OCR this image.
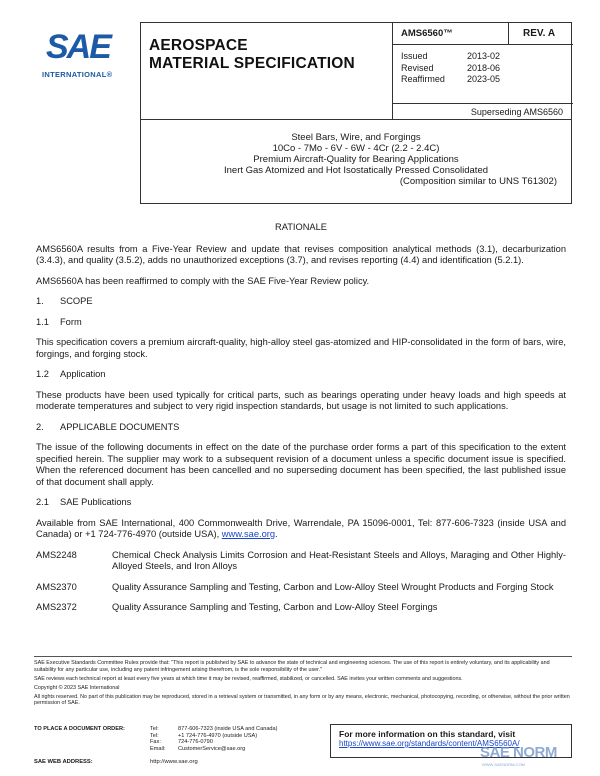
SAE
INTERNATIONAL®
AEROSPACE
MATERIAL SPECIFICATION
AMS6560™	REV. A
Issued	2013-02
Revised	2018-06
Reaffirmed	2023-05
Superseding AMS6560
Steel Bars, Wire, and Forgings
10Co - 7Mo - 6V - 6W - 4Cr (2.2 - 2.4C)
Premium Aircraft-Quality for Bearing Applications
Inert Gas Atomized and Hot Isostatically Pressed Consolidated
(Composition similar to UNS T61302)
RATIONALE

AMS6560A results from a Five-Year Review and update that revises composition analytical methods (3.1), decarburization (3.4.3), and quality (3.5.2), adds no unauthorized exceptions (3.7), and revises reporting (4.4) and identification (5.2.1).

AMS6560A has been reaffirmed to comply with the SAE Five-Year Review policy.

1. SCOPE
1.1 Form

This specification covers a premium aircraft-quality, high-alloy steel gas-atomized and HIP-consolidated in the form of bars, wire, forgings, and forging stock.

1.2 Application

These products have been used typically for critical parts, such as bearings operating under heavy loads and high speeds at moderate temperatures and subject to very rigid inspection standards, but usage is not limited to such applications.

2. APPLICABLE DOCUMENTS

The issue of the following documents in effect on the date of the purchase order forms a part of this specification to the extent specified herein. The supplier may work to a subsequent revision of a document unless a specific document issue is specified. When the referenced document has been cancelled and no superseding document has been specified, the last published issue of that document shall apply.

2.1 SAE Publications

Available from SAE International, 400 Commonwealth Drive, Warrendale, PA 15096-0001, Tel: 877-606-7323 (inside USA and Canada) or +1 724-776-4970 (outside USA), www.sae.org.

AMS2248	Chemical Check Analysis Limits Corrosion and Heat-Resistant Steels and Alloys, Maraging and Other Highly-Alloyed Steels, and Iron Alloys
AMS2370	Quality Assurance Sampling and Testing, Carbon and Low-Alloy Steel Wrought Products and Forging Stock
AMS2372	Quality Assurance Sampling and Testing, Carbon and Low-Alloy Steel Forgings

SAE Executive Standards Committee Rules provide that: "This report is published by SAE to advance the state of technical and engineering sciences. The use of this report is entirely voluntary, and its applicability and suitability for any particular use, including any patent infringement arising therefrom, is the sole responsibility of the user."

SAE reviews each technical report at least every five years at which time it may be revised, reaffirmed, stabilized, or cancelled. SAE invites your written comments and suggestions.

Copyright © 2023 SAE International

All rights reserved. No part of this publication may be reproduced, stored in a retrieval system or transmitted, in any form or by any means, electronic, mechanical, photocopying, recording, or otherwise, without the prior written permission of SAE.

TO PLACE A DOCUMENT ORDER:	Tel:	877-606-7323 (inside USA and Canada)
Tel:	+1 724-776-4970 (outside USA)
Fax:	724-776-0790
Email:	CustomerService@sae.org
SAE WEB ADDRESS:	http://www.sae.org
For more information on this standard, visit
https://www.sae.org/standards/content/AMS6560A/
SAE NORM
WWW.SAENORM.COM
